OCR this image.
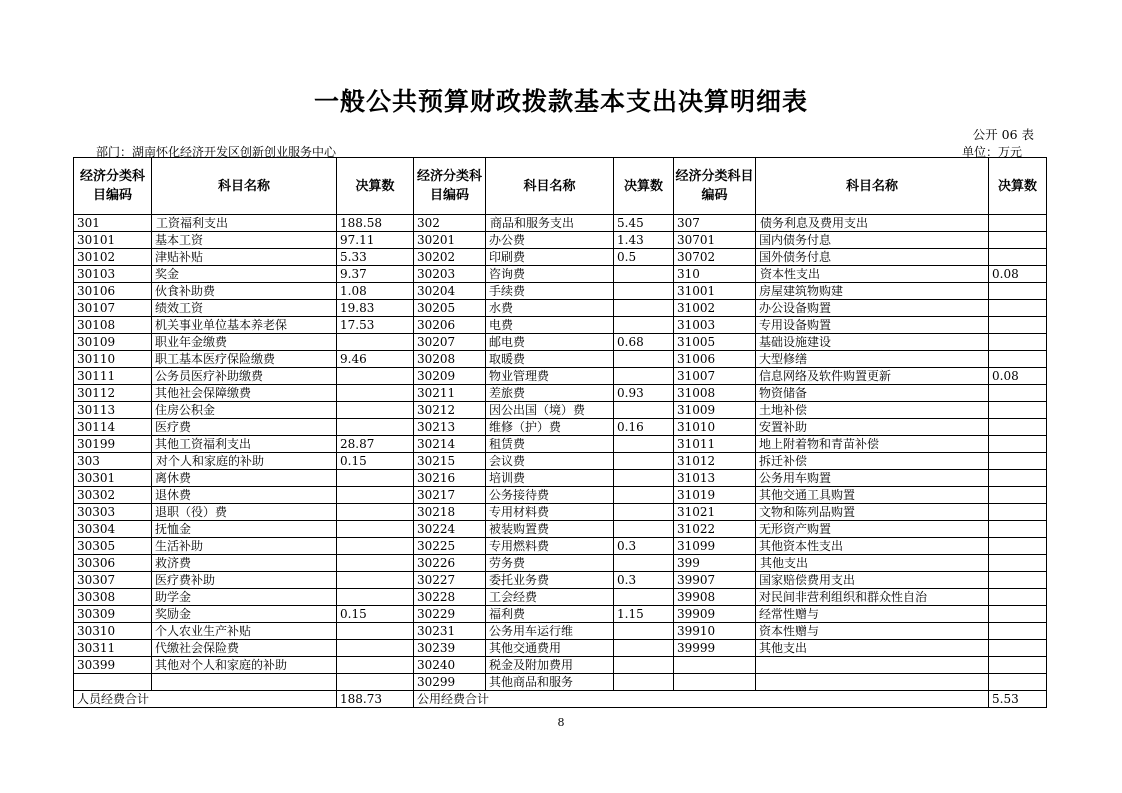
一般公共预算财政拨款基本支出决算明细表
公开 06 表
部门：湖南怀化经济开发区创新创业服务中心	单位：万元
经济分类科目编码	科目名称	决算数	经济分类科目编码	科目名称	决算数	经济分类科目编码	科目名称	决算数
301	工资福利支出	188.58	302	商品和服务支出	5.45	307	债务利息及费用支出	
30101	基本工资	97.11	30201	办公费	1.43	30701	国内债务付息	
30102	津贴补贴	5.33	30202	印刷费	0.5	30702	国外债务付息	
30103	奖金	9.37	30203	咨询费		310	资本性支出	0.08
30106	伙食补助费	1.08	30204	手续费		31001	房屋建筑物购建	
30107	绩效工资	19.83	30205	水费		31002	办公设备购置	
30108	机关事业单位基本养老保	17.53	30206	电费		31003	专用设备购置	
30109	职业年金缴费		30207	邮电费	0.68	31005	基础设施建设	
30110	职工基本医疗保险缴费	9.46	30208	取暖费		31006	大型修缮	
30111	公务员医疗补助缴费		30209	物业管理费		31007	信息网络及软件购置更新	0.08
30112	其他社会保障缴费		30211	差旅费	0.93	31008	物资储备	
30113	住房公积金		30212	因公出国（境）费		31009	土地补偿	
30114	医疗费		30213	维修（护）费	0.16	31010	安置补助	
30199	其他工资福利支出	28.87	30214	租赁费		31011	地上附着物和青苗补偿	
303	对个人和家庭的补助	0.15	30215	会议费		31012	拆迁补偿	
30301	离休费		30216	培训费		31013	公务用车购置	
30302	退休费		30217	公务接待费		31019	其他交通工具购置	
30303	退职（役）费		30218	专用材料费		31021	文物和陈列品购置	
30304	抚恤金		30224	被装购置费		31022	无形资产购置	
30305	生活补助		30225	专用燃料费	0.3	31099	其他资本性支出	
30306	救济费		30226	劳务费		399	其他支出	
30307	医疗费补助		30227	委托业务费	0.3	39907	国家赔偿费用支出	
30308	助学金		30228	工会经费		39908	对民间非营利组织和群众性自治	
30309	奖励金	0.15	30229	福利费	1.15	39909	经常性赠与	
30310	个人农业生产补贴		30231	公务用车运行维		39910	资本性赠与	
30311	代缴社会保险费		30239	其他交通费用		39999	其他支出	
30399	其他对个人和家庭的补助		30240	税金及附加费用				
			30299	其他商品和服务				
人员经费合计		188.73	公用经费合计					5.53
8
